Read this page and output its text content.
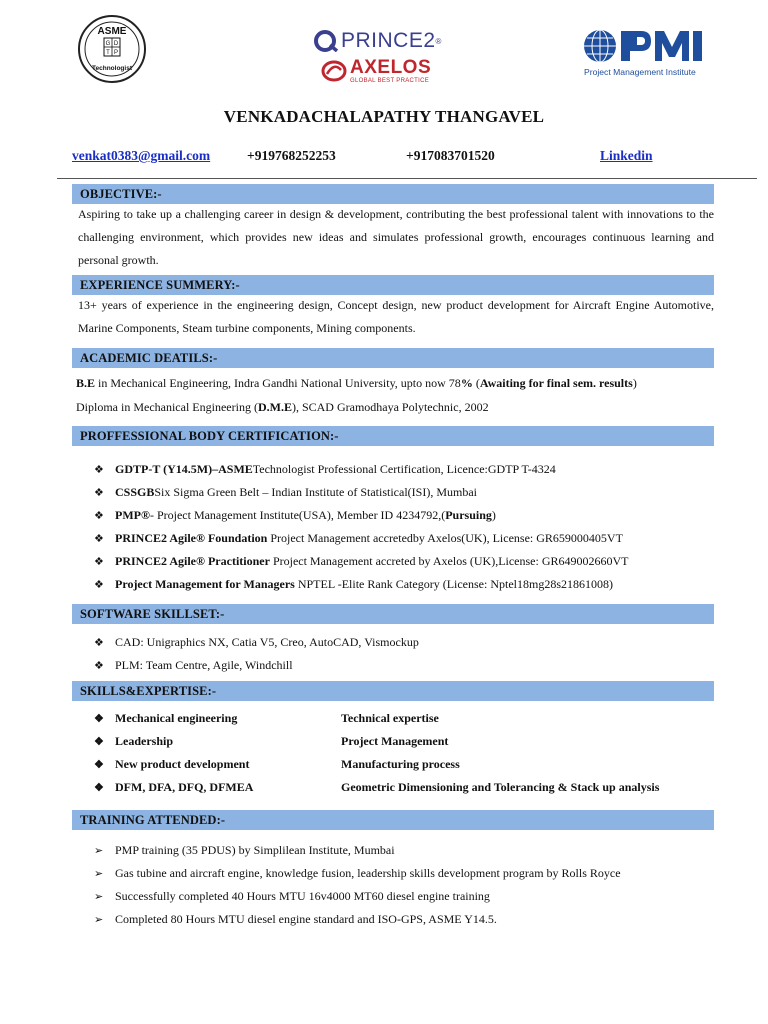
ASME
G D
T P
Technologist
PRINCE2 ®
AXELOS
GLOBAL BEST PRACTICE
Project Management Institute
VENKADACHALAPATHY THANGAVEL
venkat0383@gmail.com	+919768252253	+917083701520	Linkedin
OBJECTIVE:-
Aspiring to take up a challenging career in design & development, contributing the best professional talent with innovations to the challenging environment, which provides new ideas and simulates professional growth, encourages continuous learning and personal growth.
EXPERIENCE SUMMERY:-
13+ years of experience in the engineering design, Concept design, new product development for Aircraft Engine Automotive, Marine Components, Steam turbine components, Mining components.
ACADEMIC DEATILS:-
B.E in Mechanical Engineering, Indra Gandhi National University, upto now 78% (Awaiting for final sem. results)
Diploma in Mechanical Engineering (D.M.E), SCAD Gramodhaya Polytechnic, 2002
PROFFESSIONAL BODY CERTIFICATION:-
❖ GDTP-T (Y14.5M)–ASMETechnologist Professional Certification, Licence:GDTP T-4324
❖ CSSGBSix Sigma Green Belt – Indian Institute of Statistical(ISI), Mumbai
❖ PMP®- Project Management Institute(USA), Member ID 4234792,(Pursuing)
❖ PRINCE2 Agile® Foundation Project Management accretedby Axelos(UK), License: GR659000405VT
❖ PRINCE2 Agile® Practitioner Project Management accreted by Axelos (UK),License: GR649002660VT
❖ Project Management for Managers NPTEL -Elite Rank Category (License: Nptel18mg28s21861008)
SOFTWARE SKILLSET:-
❖ CAD: Unigraphics NX, Catia V5, Creo, AutoCAD, Vismockup
❖ PLM: Team Centre, Agile, Windchill
SKILLS&EXPERTISE:-
❖ Mechanical engineering	Technical expertise
❖ Leadership	Project Management
❖ New product development	Manufacturing process
❖ DFM, DFA, DFQ, DFMEA	Geometric Dimensioning and Tolerancing & Stack up analysis
TRAINING ATTENDED:-
➢ PMP training (35 PDUS) by Simplilean Institute, Mumbai
➢ Gas tubine and aircraft engine, knowledge fusion, leadership skills development program by Rolls Royce
➢ Successfully completed 40 Hours MTU 16v4000 MT60 diesel engine training
➢ Completed 80 Hours MTU diesel engine standard and ISO-GPS, ASME Y14.5.
